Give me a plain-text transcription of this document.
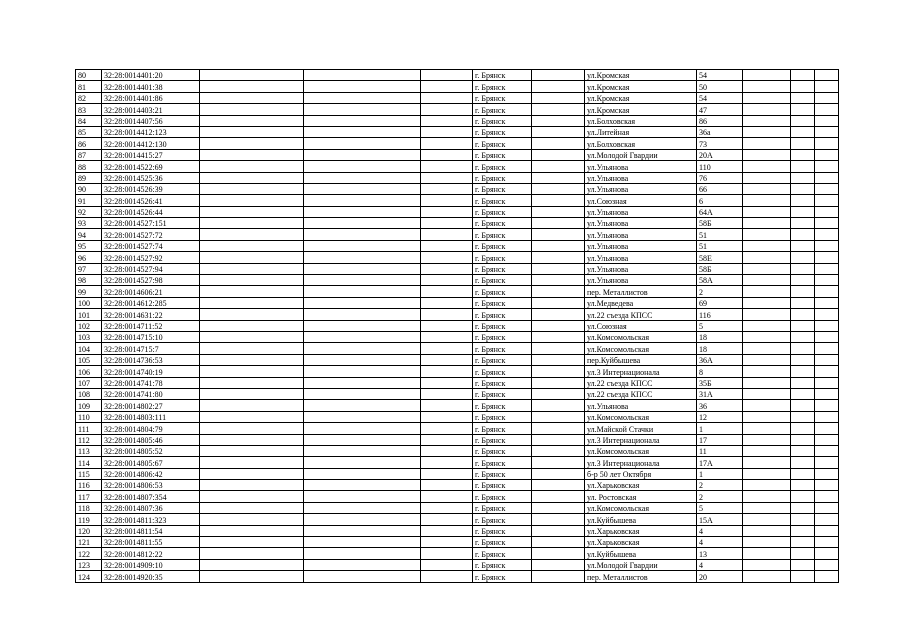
80	32:28:0014401:20				г. Брянск		ул.Кромская	54			
81	32:28:0014401:38				г. Брянск		ул.Кромская	50			
82	32:28:0014401:86				г. Брянск		ул.Кромская	54			
83	32:28:0014403:21				г. Брянск		ул.Кромская	47			
84	32:28:0014407:56				г. Брянск		ул.Болховская	86			
85	32:28:0014412:123				г. Брянск		ул.Литейная	36а			
86	32:28:0014412:130				г. Брянск		ул.Болховская	73			
87	32:28:0014415:27				г. Брянск		ул.Молодой Гвардии	20А			
88	32:28:0014522:69				г. Брянск		ул.Ульянова	110			
89	32:28:0014525:36				г. Брянск		ул.Ульянова	76			
90	32:28:0014526:39				г. Брянск		ул.Ульянова	66			
91	32:28:0014526:41				г. Брянск		ул.Союзная	6			
92	32:28:0014526:44				г. Брянск		ул.Ульянова	64А			
93	32:28:0014527:151				г. Брянск		ул.Ульянова	58Б			
94	32:28:0014527:72				г. Брянск		ул.Ульянова	51			
95	32:28:0014527:74				г. Брянск		ул.Ульянова	51			
96	32:28:0014527:92				г. Брянск		ул.Ульянова	58Е			
97	32:28:0014527:94				г. Брянск		ул.Ульянова	58Б			
98	32:28:0014527:98				г. Брянск		ул.Ульянова	58А			
99	32:28:0014606:21				г. Брянск		пер. Металлистов	2			
100	32:28:0014612:285				г. Брянск		ул.Медведева	69			
101	32:28:0014631:22				г. Брянск		ул.22 съезда КПСС	116			
102	32:28:0014711:52				г. Брянск		ул.Союзная	5			
103	32:28:0014715:10				г. Брянск		ул.Комсомольская	18			
104	32:28:0014715:7				г. Брянск		ул.Комсомольская	18			
105	32:28:0014736:53				г. Брянск		пер.Куйбышева	36А			
106	32:28:0014740:19				г. Брянск		ул.3 Интернационала	8			
107	32:28:0014741:78				г. Брянск		ул.22 съезда КПСС	35Б			
108	32:28:0014741:80				г. Брянск		ул.22 съезда КПСС	31А			
109	32:28:0014802:27				г. Брянск		ул.Ульянова	36			
110	32:28:0014803:111				г. Брянск		ул.Комсомольская	12			
111	32:28:0014804:79				г. Брянск		ул.Майской Стачки	1			
112	32:28:0014805:46				г. Брянск		ул.3 Интернационала	17			
113	32:28:0014805:52				г. Брянск		ул.Комсомольская	11			
114	32:28:0014805:67				г. Брянск		ул.3 Интернационала	17А			
115	32:28:0014806:42				г. Брянск		б-р 50 лет Октября	1			
116	32:28:0014806:53				г. Брянск		ул.Харьковская	2			
117	32:28:0014807:354				г. Брянск		ул. Ростовская	2			
118	32:28:0014807:36				г. Брянск		ул.Комсомольская	5			
119	32:28:0014811:323				г. Брянск		ул.Куйбышева	15А			
120	32:28:0014811:54				г. Брянск		ул.Харьковская	4			
121	32:28:0014811:55				г. Брянск		ул.Харьковская	4			
122	32:28:0014812:22				г. Брянск		ул.Куйбышева	13			
123	32:28:0014909:10				г. Брянск		ул.Молодой Гвардии	4			
124	32:28:0014920:35				г. Брянск		пер. Металлистов	20			
